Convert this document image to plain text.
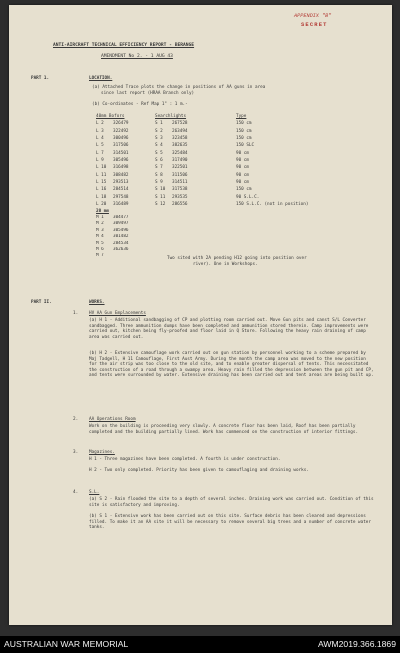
APPENDIX "B"
SECRET
ANTI-AIRCRAFT TECHNICAL EFFICIENCY REPORT - BERANGE
AMENDMENT No 2. - 1 AUG 43
PART 1.	LOCATION.
(a) Attached Trace plots the change in positions of AA guns in area
since last report (HRAA Branch only)
(b) Co-ordinates - Ref Map 1" : 1 m.-
40mm Bofors	Searchlights	Type
L 2 326479	S 1 267528	150 cm
L 3 322492	S 2 263494	150 cm
L 4 300496	S 3 323458	150 cm
L 5 317506	S 4 382635	150 SLC
L 7 314501	S 5 325484	90 cm
L 9 305496	S 6 317490	90 cm
L 10 316498	S 7 322501	90 cm
L 11 308482	S 8 311506	90 cm
L 15 293513	S 9 314511	90 cm
L 16 284514	S 10 317538	150 cm
L 18 297548	S 11 293535	90 S.L.C.
L 20 316489	S 12 286556	150 S.L.C. (not in position)
20 mm
M 1 304477
M 2 309497
M 3 305496
M 4 301482
M 5 284534
M 6 362636
M 7
Two sited with 2A pending H12 going into position over
river). One in Workshops.
PART II.	WORKS.
1.	HV AA Gun Emplacements
(a) H 1 - Additional sandbagging of CP and plotting room carried out. Move Gun pits and canst S/L Converter sandbagged. Three ammunition dumps have been completed and ammunition stored therein. Camp improvements were carried out, kitchen being fly-proofed and floor laid in Q Store. Following the heavy rain draining of camp area was carried out.
(b) H 2 - Extensive camouflage work carried out on gun station by personnel working to a scheme prepared by Maj Tadgell, H 11 Camouflage, First Aust Army. During the month the camp area was moved to the new position for the air strip was too close to the old site, and to enable greater dispersal of tents. This necessitated the construction of a road through a swampy area. Heavy rain filled the depression between the gun pit and CP, and tents were surrounded by water. Extensive draining has been carried out and tent areas are being built up.
2.	AA Operations Room
Work on the building is proceeding very slowly. A concrete floor has been laid, Roof has been partially completed and the building partially lined. Work has commenced on the construction of interior fittings.
3.	Magazines.
H 1 - Three magazines have been completed. A fourth is under construction.
H 2 - Two only completed. Priority has been given to camouflaging and draining works.
4.	S.L.
(a) S 2 - Rain flooded the site to a depth of several inches. Draining work was carried out. Condition of this site is satisfactory and improving.
(b) S 1 - Extensive work has been carried out on this site. Surface debris has been cleared and depressions filled. To make it an AA site it will be necessary to remove several big trees and a number of concrete water tanks.
AUSTRALIAN WAR MEMORIAL	AWM2019.366.1869
